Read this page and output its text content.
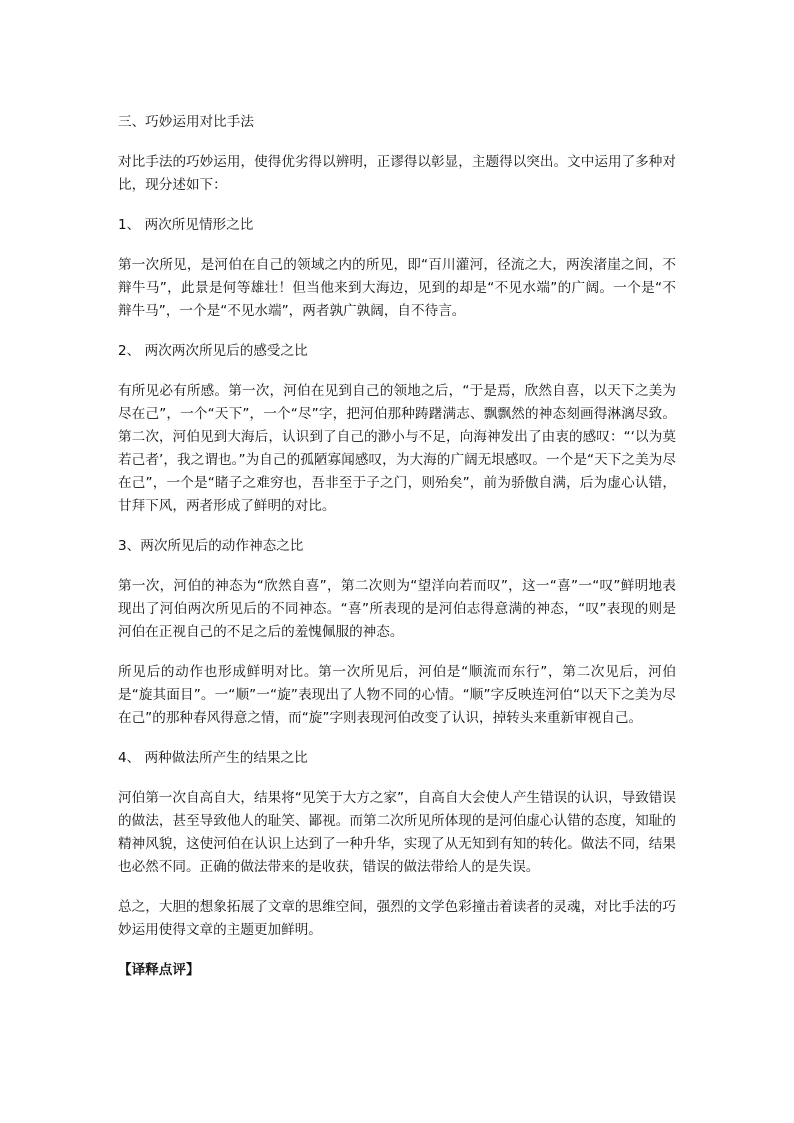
三、巧妙运用对比手法

对比手法的巧妙运用，使得优劣得以辨明，正谬得以彰显，主题得以突出。文中运用了多种对比，现分述如下：

1、 两次所见情形之比

第一次所见，是河伯在自己的领域之内的所见，即“百川灌河，径流之大，两涘渚崖之间，不辩牛马”，此景是何等雄壮！但当他来到大海边，见到的却是“不见水端”的广阔。一个是“不辩牛马”，一个是“不见水端”，两者孰广孰阔，自不待言。

2、 两次两次所见后的感受之比

有所见必有所感。第一次，河伯在见到自己的领地之后，“于是焉，欣然自喜，以天下之美为尽在己”，一个“天下”，一个“尽”字，把河伯那种踌躇满志、飘飘然的神态刻画得淋漓尽致。第二次，河伯见到大海后，认识到了自己的渺小与不足，向海神发出了由衷的感叹：“‘以为莫若己者’，我之谓也。”为自己的孤陋寡闻感叹，为大海的广阔无垠感叹。一个是“天下之美为尽在己”，一个是“睹子之难穷也，吾非至于子之门，则殆矣”，前为骄傲自满，后为虚心认错，甘拜下风，两者形成了鲜明的对比。

3、两次所见后的动作神态之比

第一次，河伯的神态为“欣然自喜”，第二次则为“望洋向若而叹”，这一“喜”一“叹”鲜明地表现出了河伯两次所见后的不同神态。“喜”所表现的是河伯志得意满的神态，“叹”表现的则是河伯在正视自己的不足之后的羞愧佩服的神态。

所见后的动作也形成鲜明对比。第一次所见后，河伯是“顺流而东行”，第二次见后，河伯是“旋其面目”。一“顺”一“旋”表现出了人物不同的心情。“顺”字反映连河伯“以天下之美为尽在己”的那种春风得意之情，而“旋”字则表现河伯改变了认识，掉转头来重新审视自己。

4、 两种做法所产生的结果之比

河伯第一次自高自大，结果将“见笑于大方之家”，自高自大会使人产生错误的认识，导致错误的做法，甚至导致他人的耻笑、鄙视。而第二次所见所体现的是河伯虚心认错的态度，知耻的精神风貌，这使河伯在认识上达到了一种升华，实现了从无知到有知的转化。做法不同，结果也必然不同。正确的做法带来的是收获，错误的做法带给人的是失误。

总之，大胆的想象拓展了文章的思维空间，强烈的文学色彩撞击着读者的灵魂，对比手法的巧妙运用使得文章的主题更加鲜明。

【译释点评】
